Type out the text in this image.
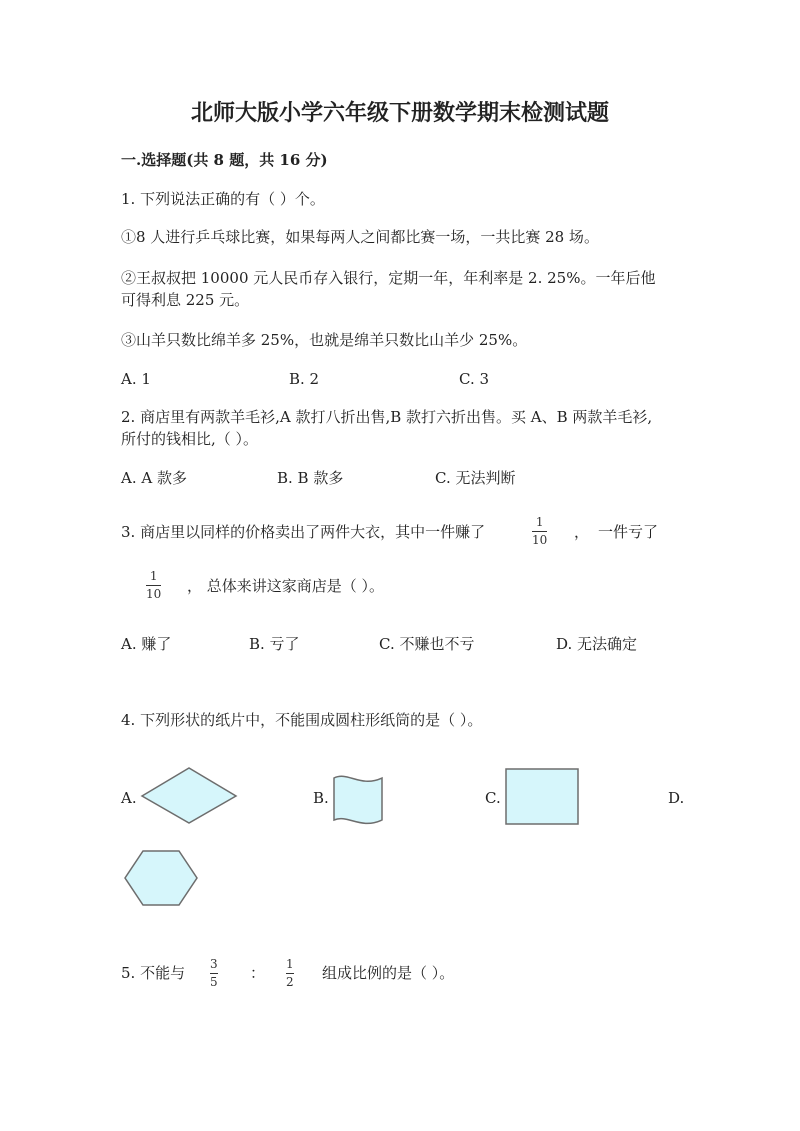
北师大版小学六年级下册数学期末检测试题
一.选择题(共 8 题，共 16 分)
1. 下列说法正确的有（ ）个。
①8 人进行乒乓球比赛，如果每两人之间都比赛一场，一共比赛 28 场。
②王叔叔把 10000 元人民币存入银行，定期一年，年利率是 2. 25%。一年后他
可得利息 225 元。
③山羊只数比绵羊多 25%，也就是绵羊只数比山羊少 25%。
A. 1	B. 2	C. 3
2. 商店里有两款羊毛衫,A 款打八折出售,B 款打六折出售。买 A、B 两款羊毛衫,
所付的钱相比,（ ）。
A. A 款多	B. B 款多	C. 无法判断
3. 商店里以同样的价格卖出了两件大衣，其中一件赚了
1
10 ， 一件亏了
1
10 ， 总体来讲这家商店是（ ）。
A. 赚了	B. 亏了	C. 不赚也不亏	D. 无法确定
4. 下列形状的纸片中，不能围成圆柱形纸筒的是（ ）。
A.	B.	C.	D.
5. 不能与 3
5 ： 1
2 组成比例的是（ ）。
